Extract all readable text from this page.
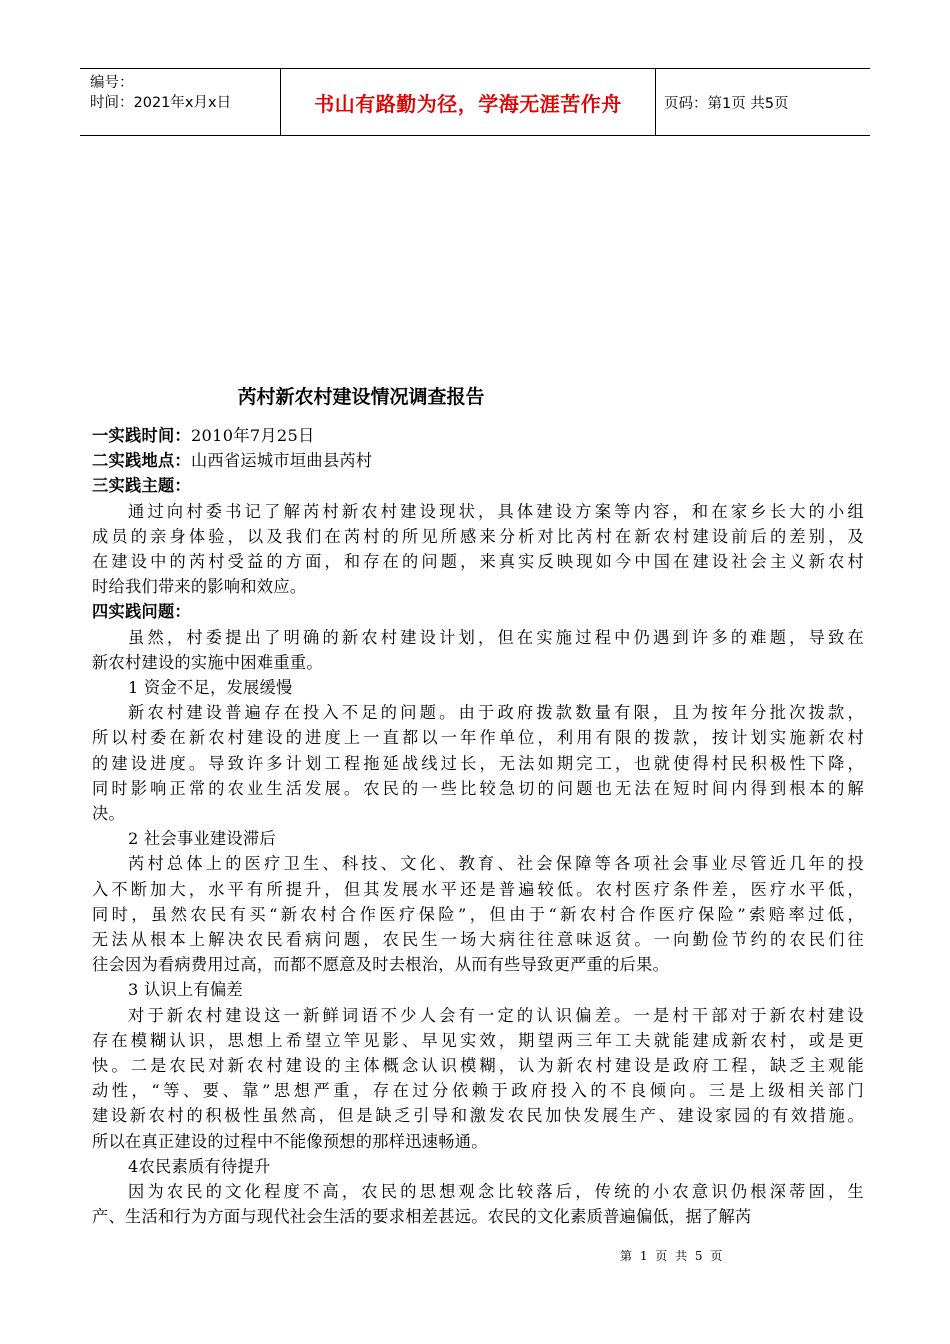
编号：
时间：2021年x月x日	书山有路勤为径，学海无涯苦作舟	页码：第1页 共5页
芮村新农村建设情况调查报告
一实践时间：2010年7月25日
二实践地点：山西省运城市垣曲县芮村
三实践主题：
通过向村委书记了解芮村新农村建设现状，具体建设方案等内容，和在家乡长大的小组
成员的亲身体验，以及我们在芮村的所见所感来分析对比芮村在新农村建设前后的差别，及
在建设中的芮村受益的方面，和存在的问题，来真实反映现如今中国在建设社会主义新农村
时给我们带来的影响和效应。
四实践问题：
虽然，村委提出了明确的新农村建设计划，但在实施过程中仍遇到许多的难题，导致在
新农村建设的实施中困难重重。
1 资金不足，发展缓慢
新农村建设普遍存在投入不足的问题。由于政府拨款数量有限，且为按年分批次拨款，
所以村委在新农村建设的进度上一直都以一年作单位，利用有限的拨款，按计划实施新农村
的建设进度。导致许多计划工程拖延战线过长，无法如期完工，也就使得村民积极性下降，
同时影响正常的农业生活发展。农民的一些比较急切的问题也无法在短时间内得到根本的解
决。
2 社会事业建设滞后
芮村总体上的医疗卫生、科技、文化、教育、社会保障等各项社会事业尽管近几年的投
入不断加大，水平有所提升，但其发展水平还是普遍较低。农村医疗条件差，医疗水平低，
同时，虽然农民有买“新农村合作医疗保险”，但由于“新农村合作医疗保险”索赔率过低，
无法从根本上解决农民看病问题，农民生一场大病往往意味返贫。一向勤俭节约的农民们往
往会因为看病费用过高，而都不愿意及时去根治，从而有些导致更严重的后果。
3 认识上有偏差
对于新农村建设这一新鲜词语不少人会有一定的认识偏差。一是村干部对于新农村建设
存在模糊认识，思想上希望立竿见影、早见实效，期望两三年工夫就能建成新农村，或是更
快。二是农民对新农村建设的主体概念认识模糊，认为新农村建设是政府工程，缺乏主观能
动性，“等、要、靠”思想严重，存在过分依赖于政府投入的不良倾向。三是上级相关部门
建设新农村的积极性虽然高，但是缺乏引导和激发农民加快发展生产、建设家园的有效措施。
所以在真正建设的过程中不能像预想的那样迅速畅通。
4农民素质有待提升
因为农民的文化程度不高，农民的思想观念比较落后，传统的小农意识仍根深蒂固，生
产、生活和行为方面与现代社会生活的要求相差甚远。农民的文化素质普遍偏低，据了解芮
第 1 页 共 5 页
